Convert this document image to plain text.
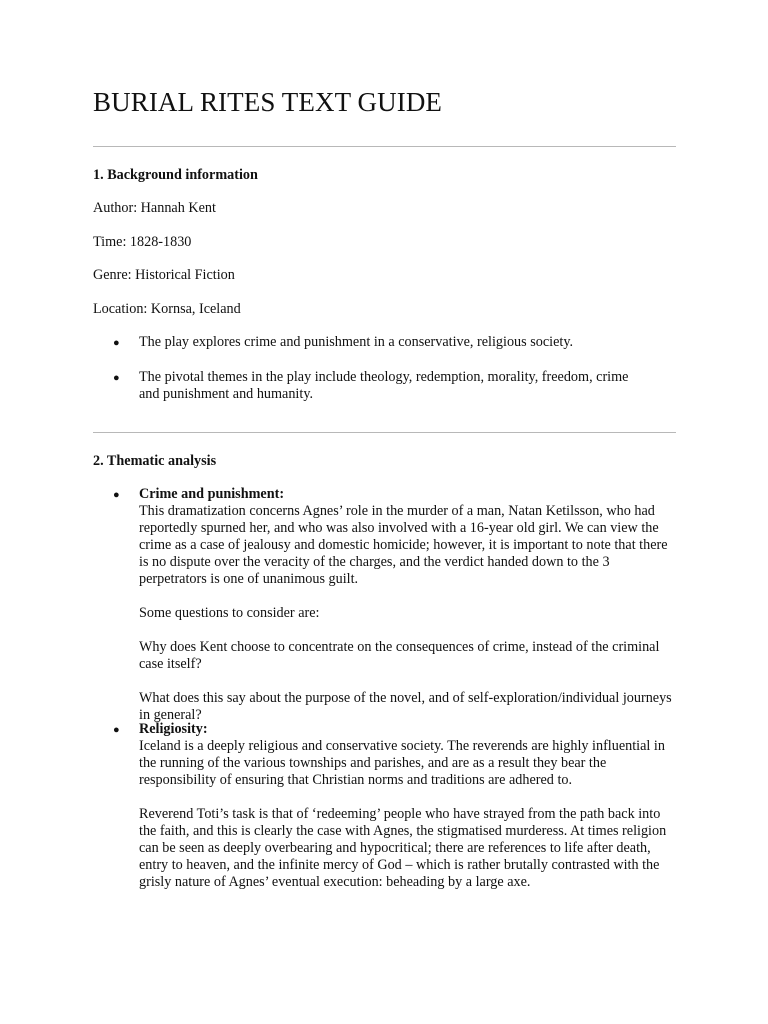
BURIAL RITES TEXT GUIDE
1. Background information
Author: Hannah Kent
Time: 1828-1830
Genre: Historical Fiction
Location: Kornsa, Iceland
● The play explores crime and punishment in a conservative, religious society.
● The pivotal themes in the play include theology, redemption, morality, freedom, crime and punishment and humanity.
2. Thematic analysis
● Crime and punishment:

This dramatization concerns Agnes’ role in the murder of a man, Natan Ketilsson, who had reportedly spurned her, and who was also involved with a 16-year old girl. We can view the crime as a case of jealousy and domestic homicide; however, it is important to note that there is no dispute over the veracity of the charges, and the verdict handed down to the 3 perpetrators is one of unanimous guilt.

Some questions to consider are:

Why does Kent choose to concentrate on the consequences of crime, instead of the criminal case itself?

What does this say about the purpose of the novel, and of self-exploration/individual journeys in general?

● Religiosity:

Iceland is a deeply religious and conservative society. The reverends are highly influential in the running of the various townships and parishes, and are as a result they bear the responsibility of ensuring that Christian norms and traditions are adhered to.

Reverend Toti’s task is that of ‘redeeming’ people who have strayed from the path back into the faith, and this is clearly the case with Agnes, the stigmatised murderess. At times religion can be seen as deeply overbearing and hypocritical; there are references to life after death, entry to heaven, and the infinite mercy of God – which is rather brutally contrasted with the grisly nature of Agnes’ eventual execution: beheading by a large axe.
